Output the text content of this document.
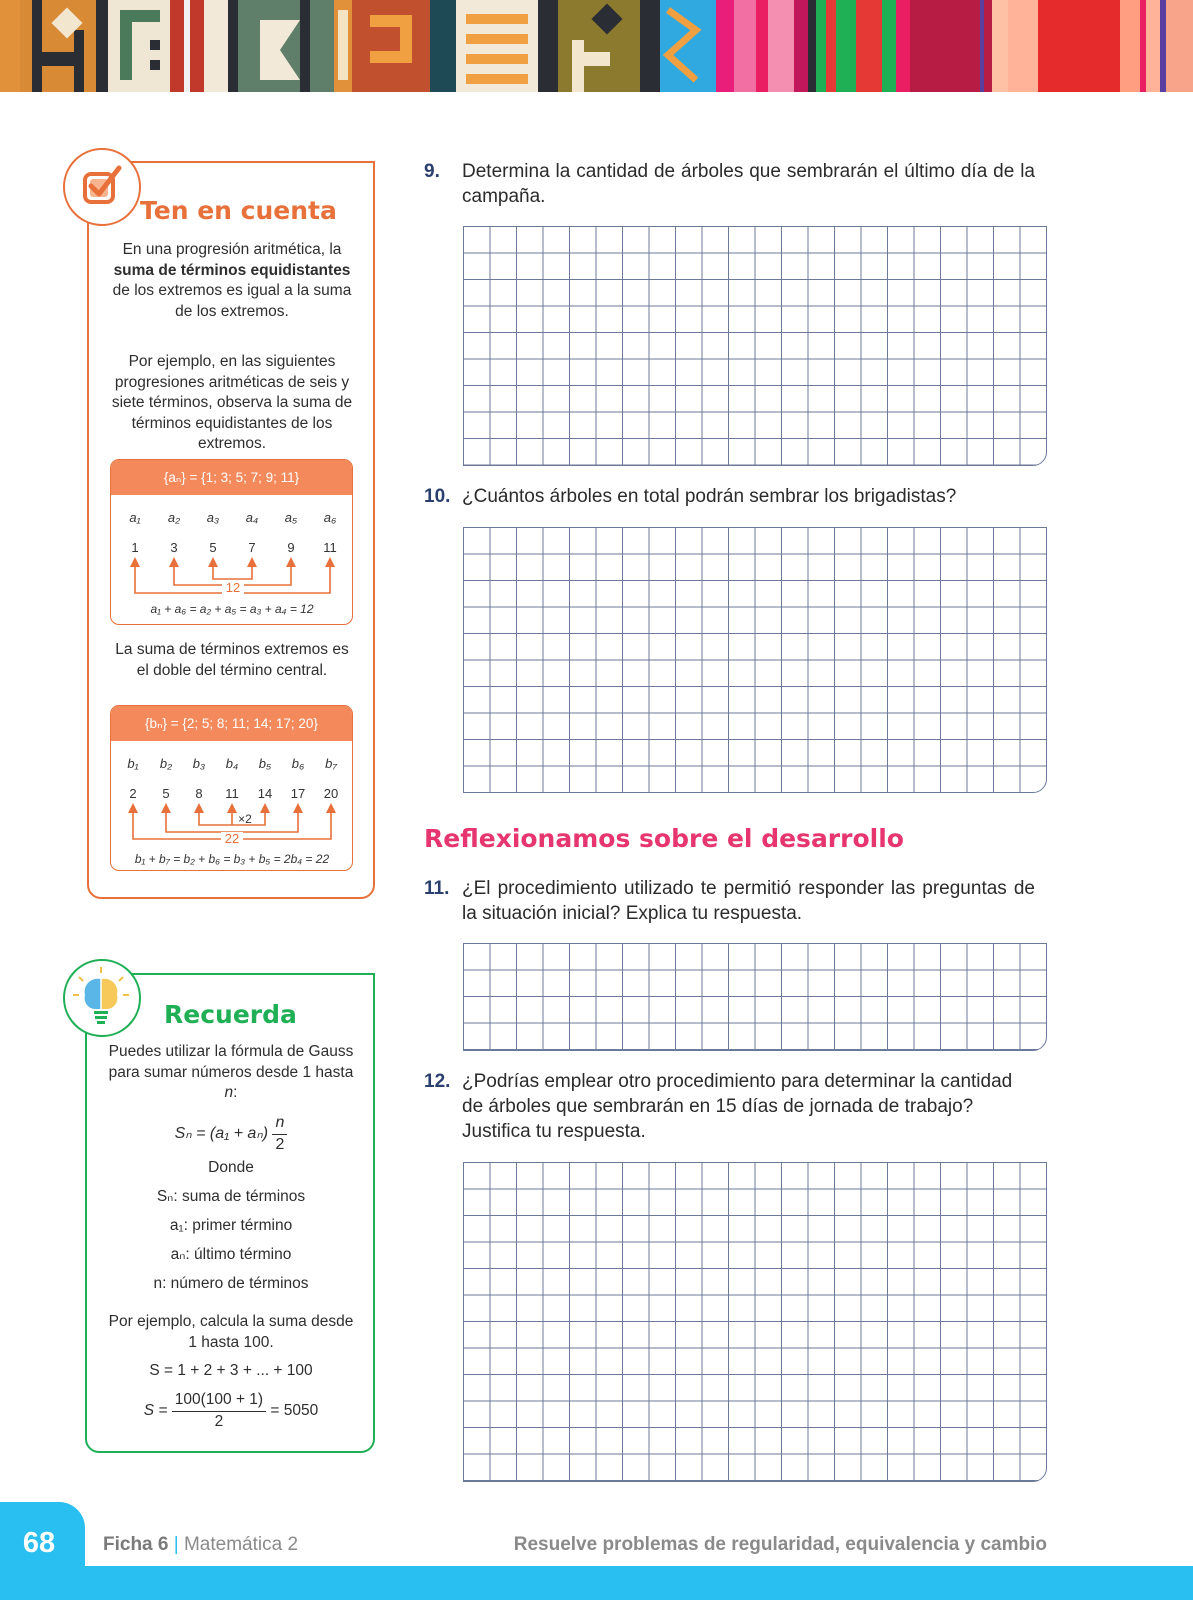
Ten en cuenta
En una progresión aritmética, la suma de términos equidistantes de los extremos es igual a la suma de los extremos.
Por ejemplo, en las siguientes progresiones aritméticas de seis y siete términos, observa la suma de términos equidistantes de los extremos.
{aₙ} = {1; 3; 5; 7; 9; 11}
a₁ a₂ a₃ a₄ a₅ a₆
1 3 5 7 9 11
12
a₁ + a₆ = a₂ + a₅ = a₃ + a₄ = 12
La suma de términos extremos es el doble del término central.
{bₙ} = {2; 5; 8; 11; 14; 17; 20}
b₁ b₂ b₃ b₄ b₅ b₆ b₇
2 5 8 11 14 17 20
×2
22
b₁ + b₇ = b₂ + b₆ = b₃ + b₅ = 2b₄ = 22
Recuerda
Puedes utilizar la fórmula de Gauss para sumar números desde 1 hasta n:
$S_n = (a_1 + a_n) \frac{n}{2}$
Donde
Sₙ: suma de términos
a₁: primer término
aₙ: último término
n: número de términos
Por ejemplo, calcula la suma desde 1 hasta 100.
S = 1 + 2 + 3 + ... + 100
$S = \frac{100(100 + 1)}{2} = 5050$
9. Determina la cantidad de árboles que sembrarán el último día de la campaña.
10. ¿Cuántos árboles en total podrán sembrar los brigadistas?
Reflexionamos sobre el desarrollo
11. ¿El procedimiento utilizado te permitió responder las preguntas de la situación inicial? Explica tu respuesta.
12. ¿Podrías emplear otro procedimiento para determinar la cantidad de árboles que sembrarán en 15 días de jornada de trabajo? Justifica tu respuesta.
68	Ficha 6 | Matemática 2	Resuelve problemas de regularidad, equivalencia y cambio
